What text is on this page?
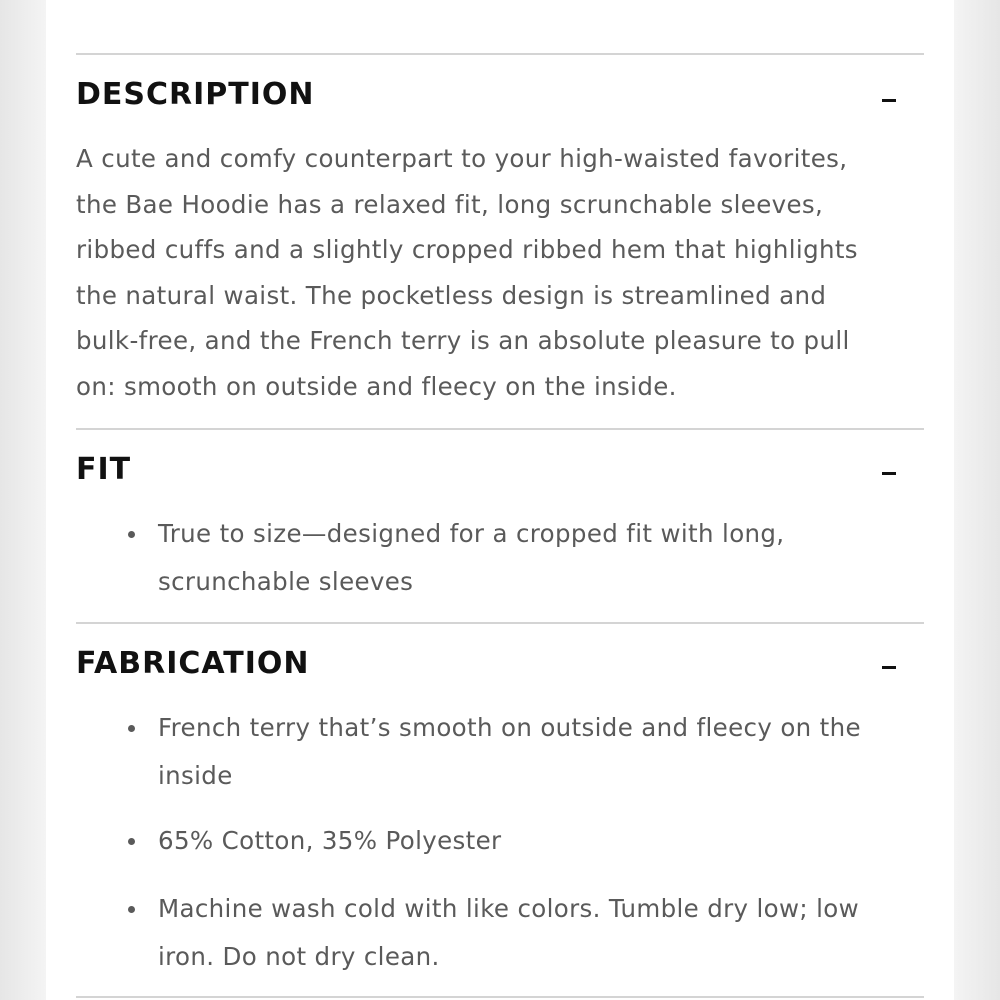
DESCRIPTION

A cute and comfy counterpart to your high-waisted favorites,
the Bae Hoodie has a relaxed fit, long scrunchable sleeves,
ribbed cuffs and a slightly cropped ribbed hem that highlights
the natural waist. The pocketless design is streamlined and
bulk-free, and the French terry is an absolute pleasure to pull
on: smooth on outside and fleecy on the inside.

FIT
True to size—designed for a cropped fit with long,
scrunchable sleeves
FABRICATION
French terry that’s smooth on outside and fleecy on the
inside
65% Cotton, 35% Polyester
Machine wash cold with like colors. Tumble dry low; low
iron. Do not dry clean.
